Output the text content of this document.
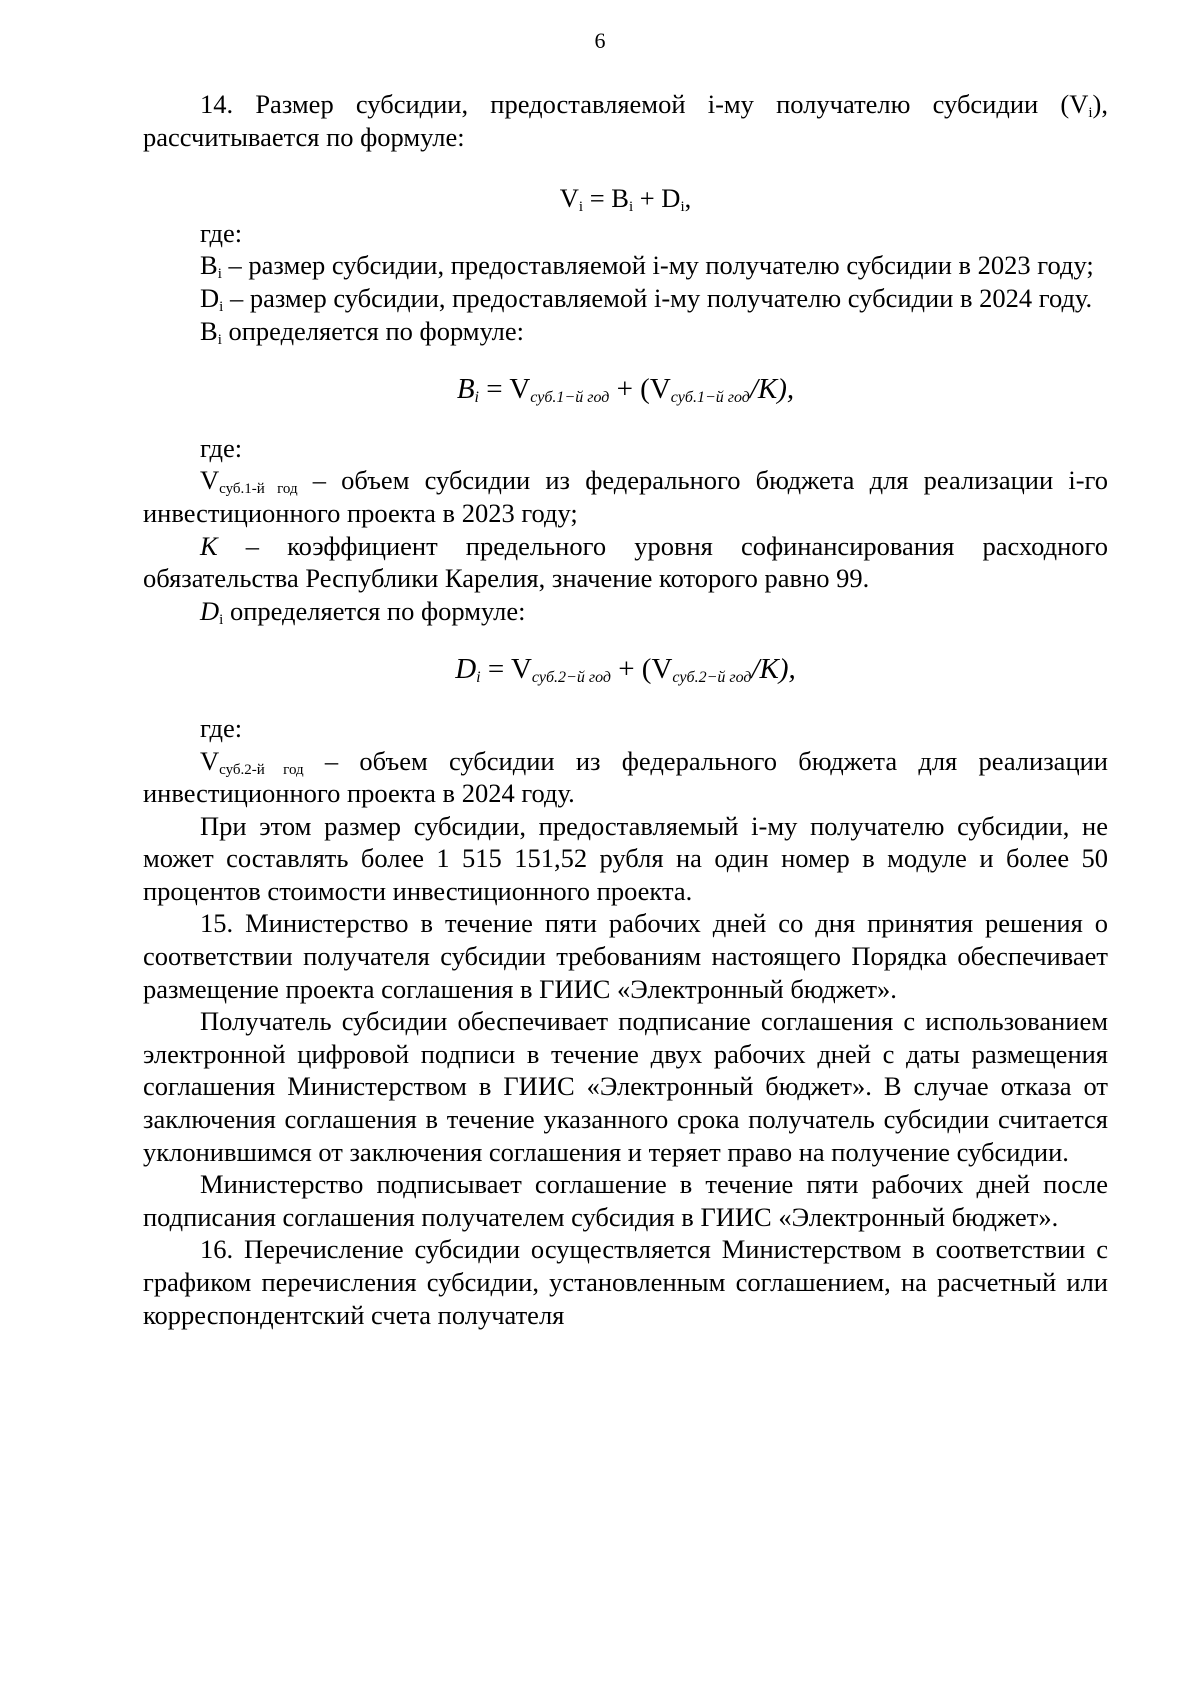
6

14. Размер субсидии, предоставляемой i-му получателю субсидии $(V_i)$, рассчитывается по формуле:

$V_i = B_i + D_i$,

где:

$B_i$ – размер субсидии, предоставляемой i-му получателю субсидии в 2023 году;

$D_i$ – размер субсидии, предоставляемой i-му получателю субсидии в 2024 году.

$B_i$ определяется по формуле:

$B_i = V_{суб.1-й год} + (V_{суб.1-й год}/K)$,

где:

$V_{суб.1-й год}$ – объем субсидии из федерального бюджета для реализации i-го инвестиционного проекта в 2023 году;

К – коэффициент предельного уровня софинансирования расходного обязательства Республики Карелия, значение которого равно 99.

$D_i$ определяется по формуле:

$D_i = V_{суб.2-й год} + (V_{суб.2-й год}/K)$,

где:

$V_{суб.2-й год}$ – объем субсидии из федерального бюджета для реализации инвестиционного проекта в 2024 году.

При этом размер субсидии, предоставляемый i-му получателю субсидии, не может составлять более 1 515 151,52 рубля на один номер в модуле и более 50 процентов стоимости инвестиционного проекта.

15. Министерство в течение пяти рабочих дней со дня принятия решения о соответствии получателя субсидии требованиям настоящего Порядка обеспечивает размещение проекта соглашения в ГИИС «Электронный бюджет».

Получатель субсидии обеспечивает подписание соглашения с использованием электронной цифровой подписи в течение двух рабочих дней с даты размещения соглашения Министерством в ГИИС «Электронный бюджет». В случае отказа от заключения соглашения в течение указанного срока получатель субсидии считается уклонившимся от заключения соглашения и теряет право на получение субсидии.

Министерство подписывает соглашение в течение пяти рабочих дней после подписания соглашения получателем субсидия в ГИИС «Электронный бюджет».

16. Перечисление субсидии осуществляется Министерством в соответствии с графиком перечисления субсидии, установленным соглашением, на расчетный или корреспондентский счета получателя
